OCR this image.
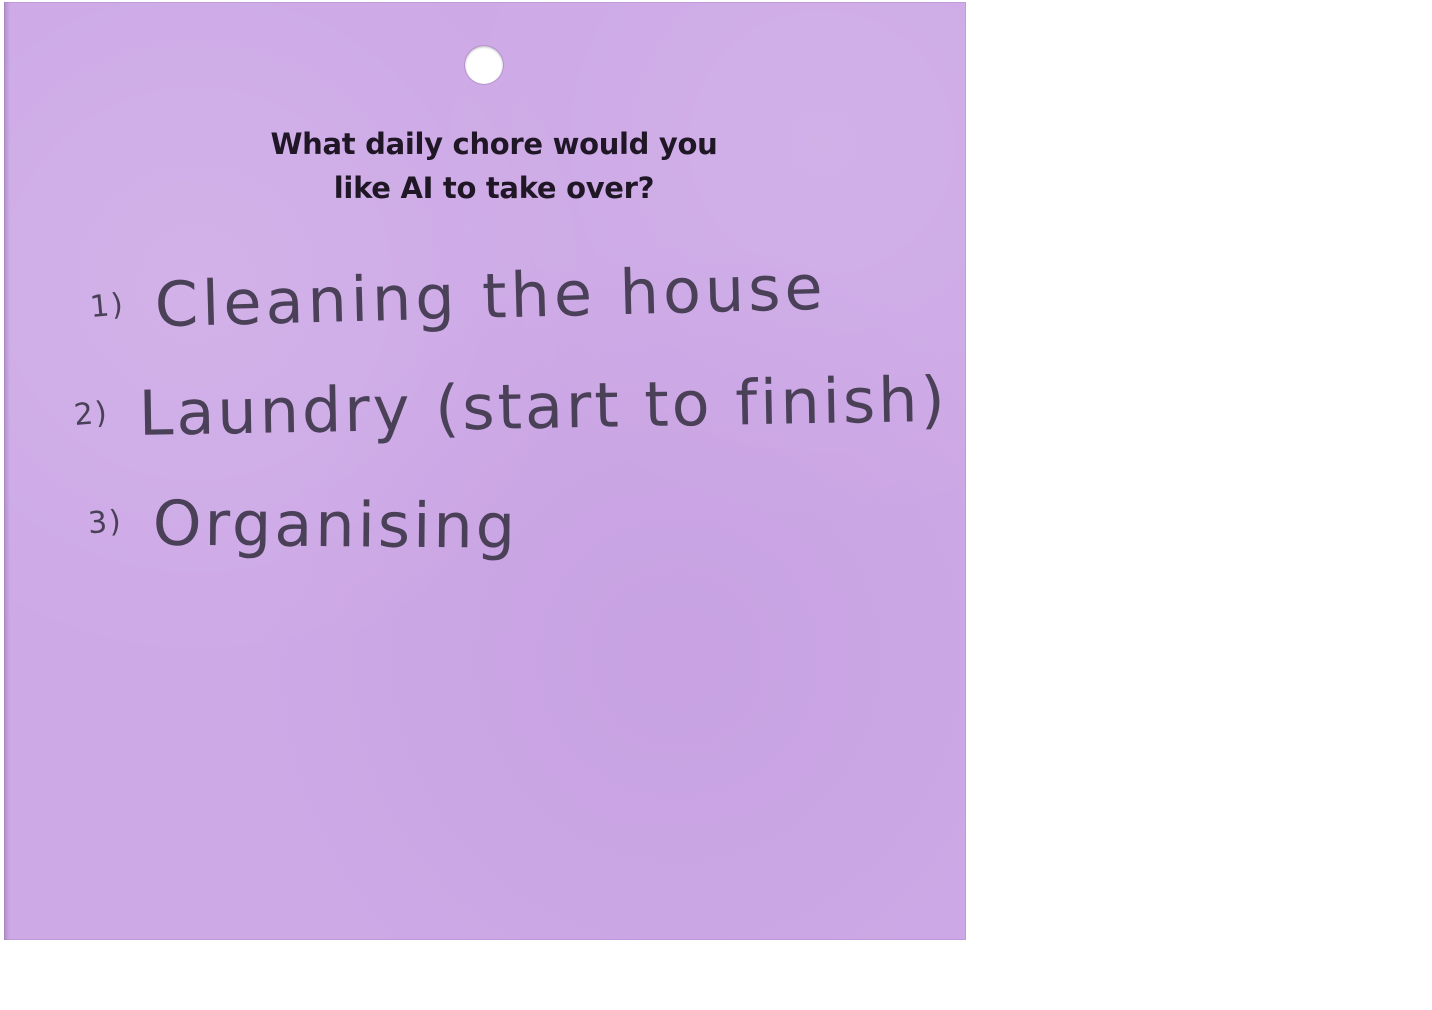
What daily chore would you
like AI to take over?
1) Cleaning the house
2) Laundry (start to finish)
3) Organising
